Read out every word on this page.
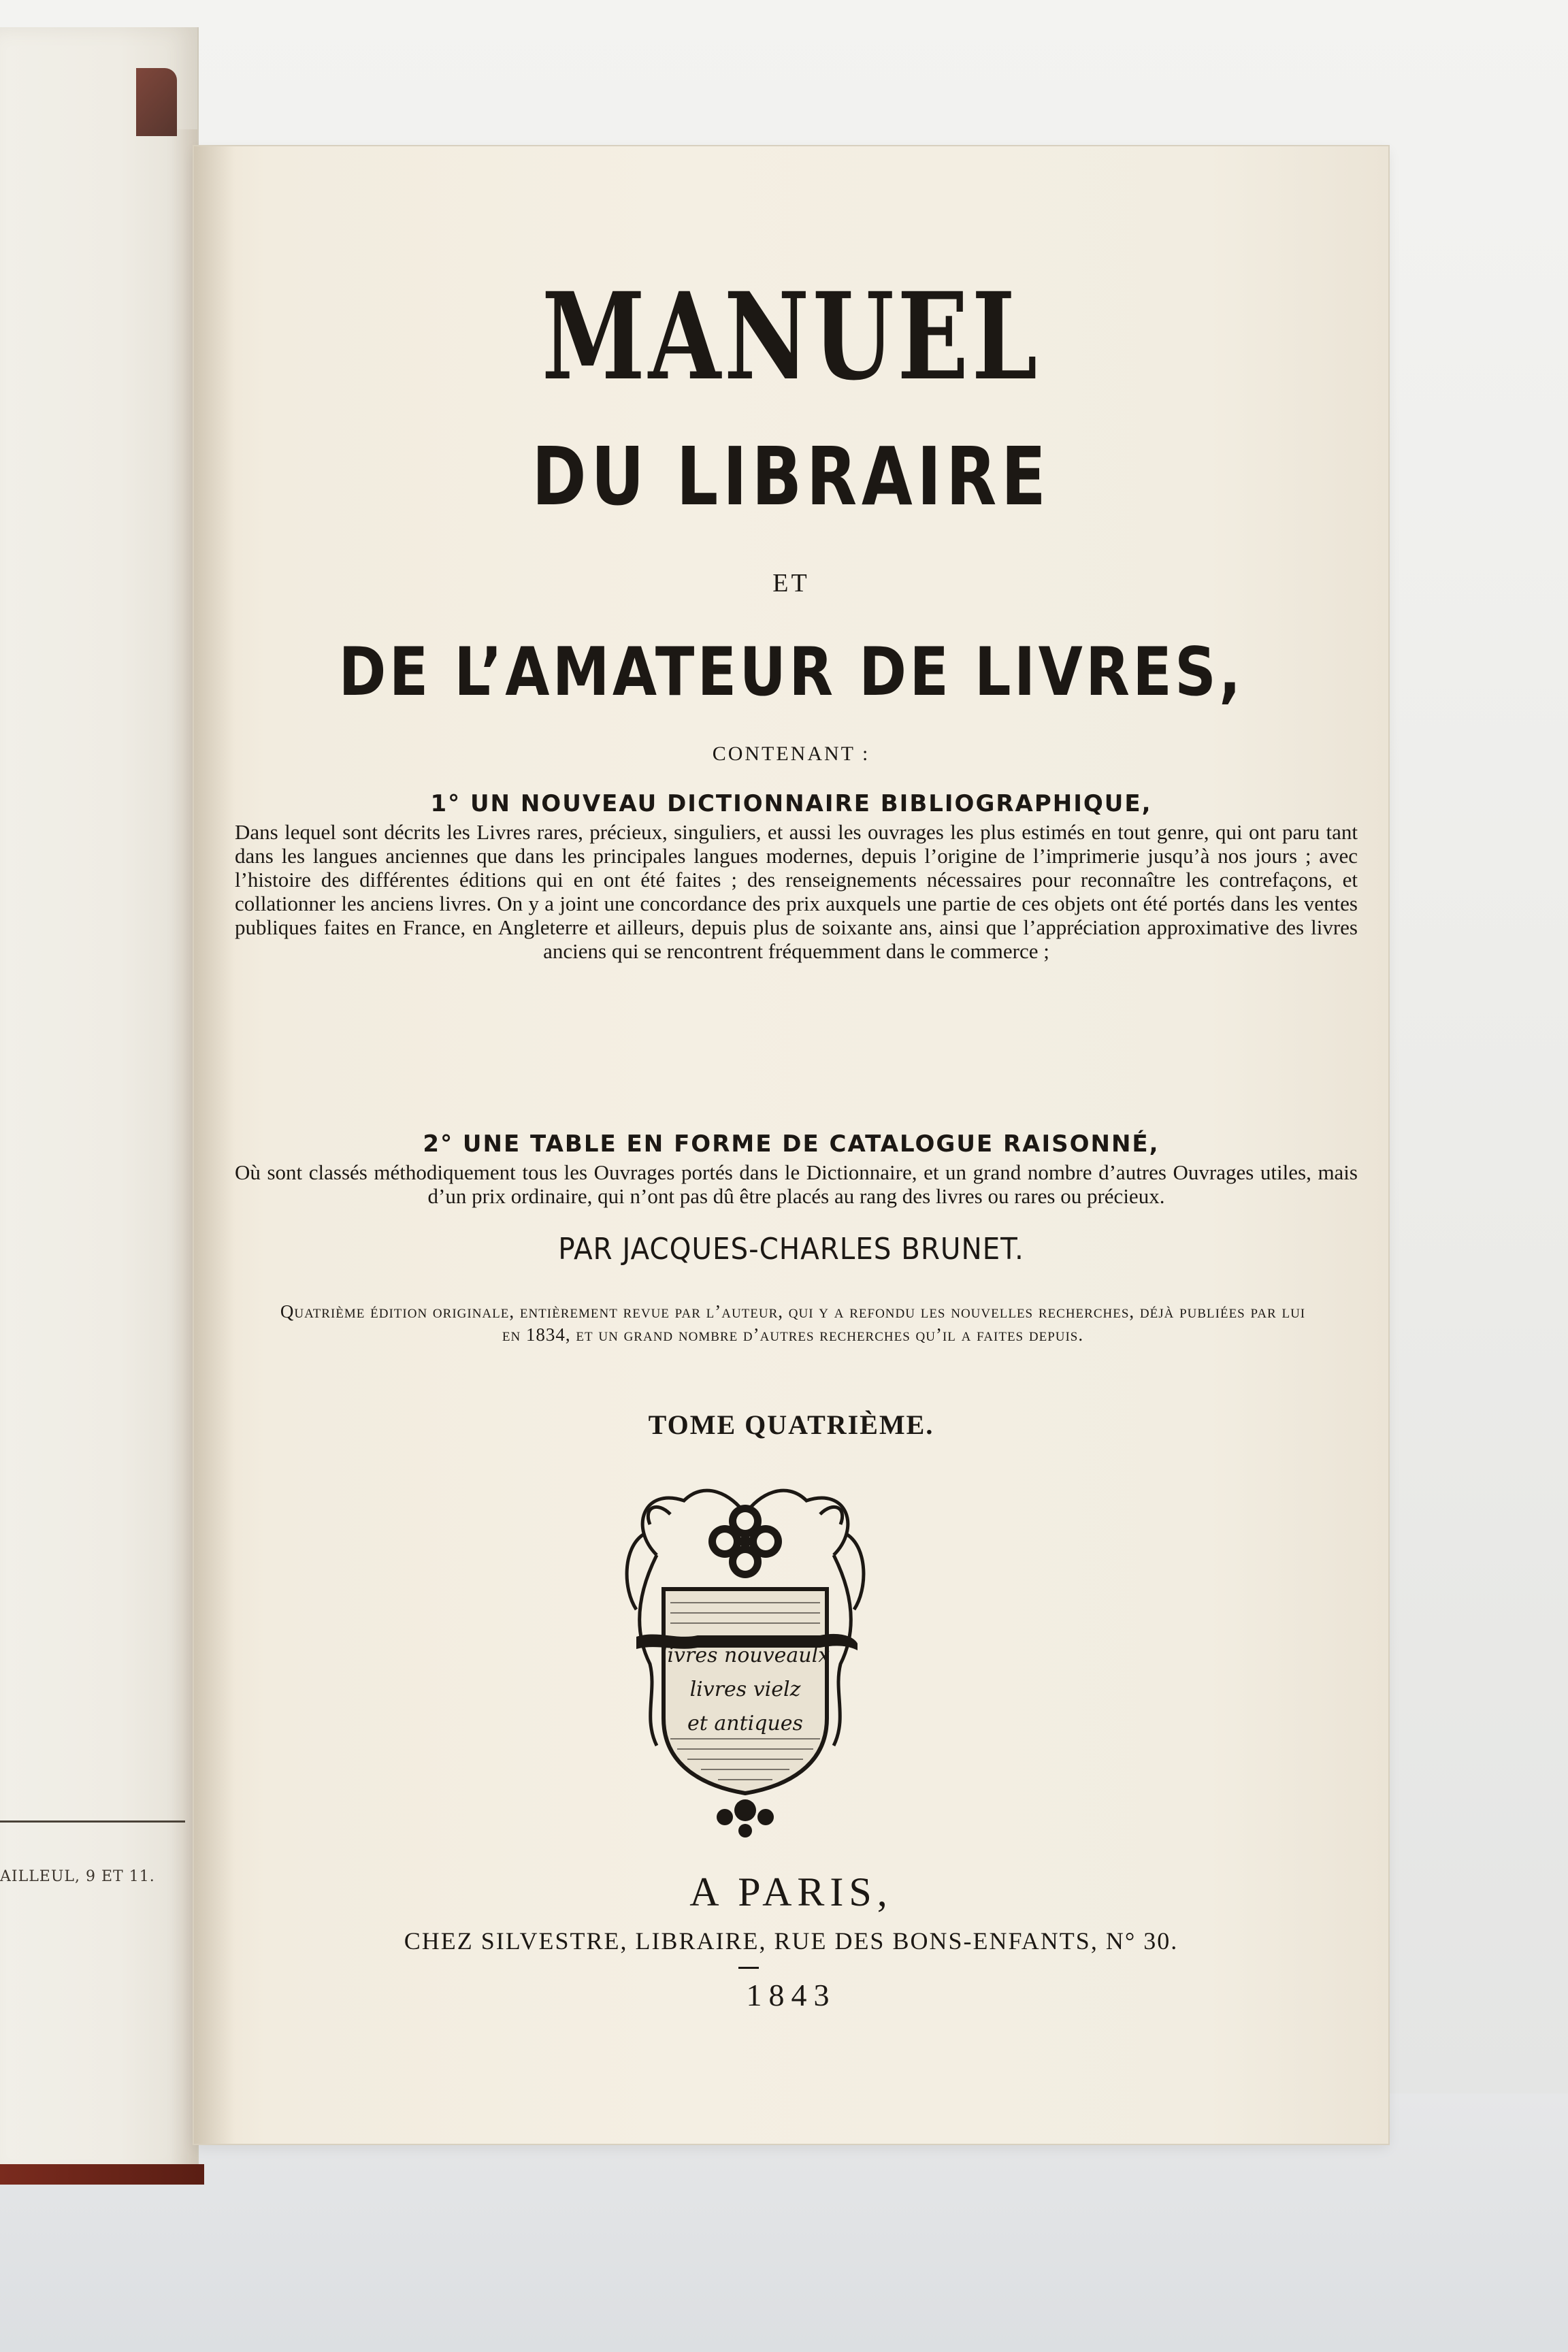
AILLEUL, 9 ET 11.
MANUEL
DU LIBRAIRE
ET
DE L’AMATEUR DE LIVRES,
CONTENANT :
1° UN NOUVEAU DICTIONNAIRE BIBLIOGRAPHIQUE,
Dans lequel sont décrits les Livres rares, précieux, singuliers, et aussi les ouvrages les plus estimés en tout genre, qui ont paru tant dans les langues anciennes que dans les principales langues modernes, depuis l’origine de l’imprimerie jusqu’à nos jours ; avec l’histoire des différentes éditions qui en ont été faites ; des renseignements nécessaires pour reconnaître les contrefaçons, et collationner les anciens livres. On y a joint une concordance des prix auxquels une partie de ces objets ont été portés dans les ventes publiques faites en France, en Angleterre et ailleurs, depuis plus de soixante ans, ainsi que l’appréciation approximative des livres anciens qui se rencontrent fréquemment dans le commerce ;
2° UNE TABLE EN FORME DE CATALOGUE RAISONNÉ,
Où sont classés méthodiquement tous les Ouvrages portés dans le Dictionnaire, et un grand nombre d’autres Ouvrages utiles, mais d’un prix ordinaire, qui n’ont pas dû être placés au rang des livres ou rares ou précieux.
PAR JACQUES-CHARLES BRUNET.
Quatrième édition originale, entièrement revue par l’auteur, qui y a refondu les nouvelles recherches, déjà publiées par lui en 1834, et un grand nombre d’autres recherches qu’il a faites depuis.
TOME QUATRIÈME.
livres nouveaulx
livres vielz
et antiques
A PARIS,
CHEZ SILVESTRE, LIBRAIRE, RUE DES BONS-ENFANTS, N° 30.
1843
